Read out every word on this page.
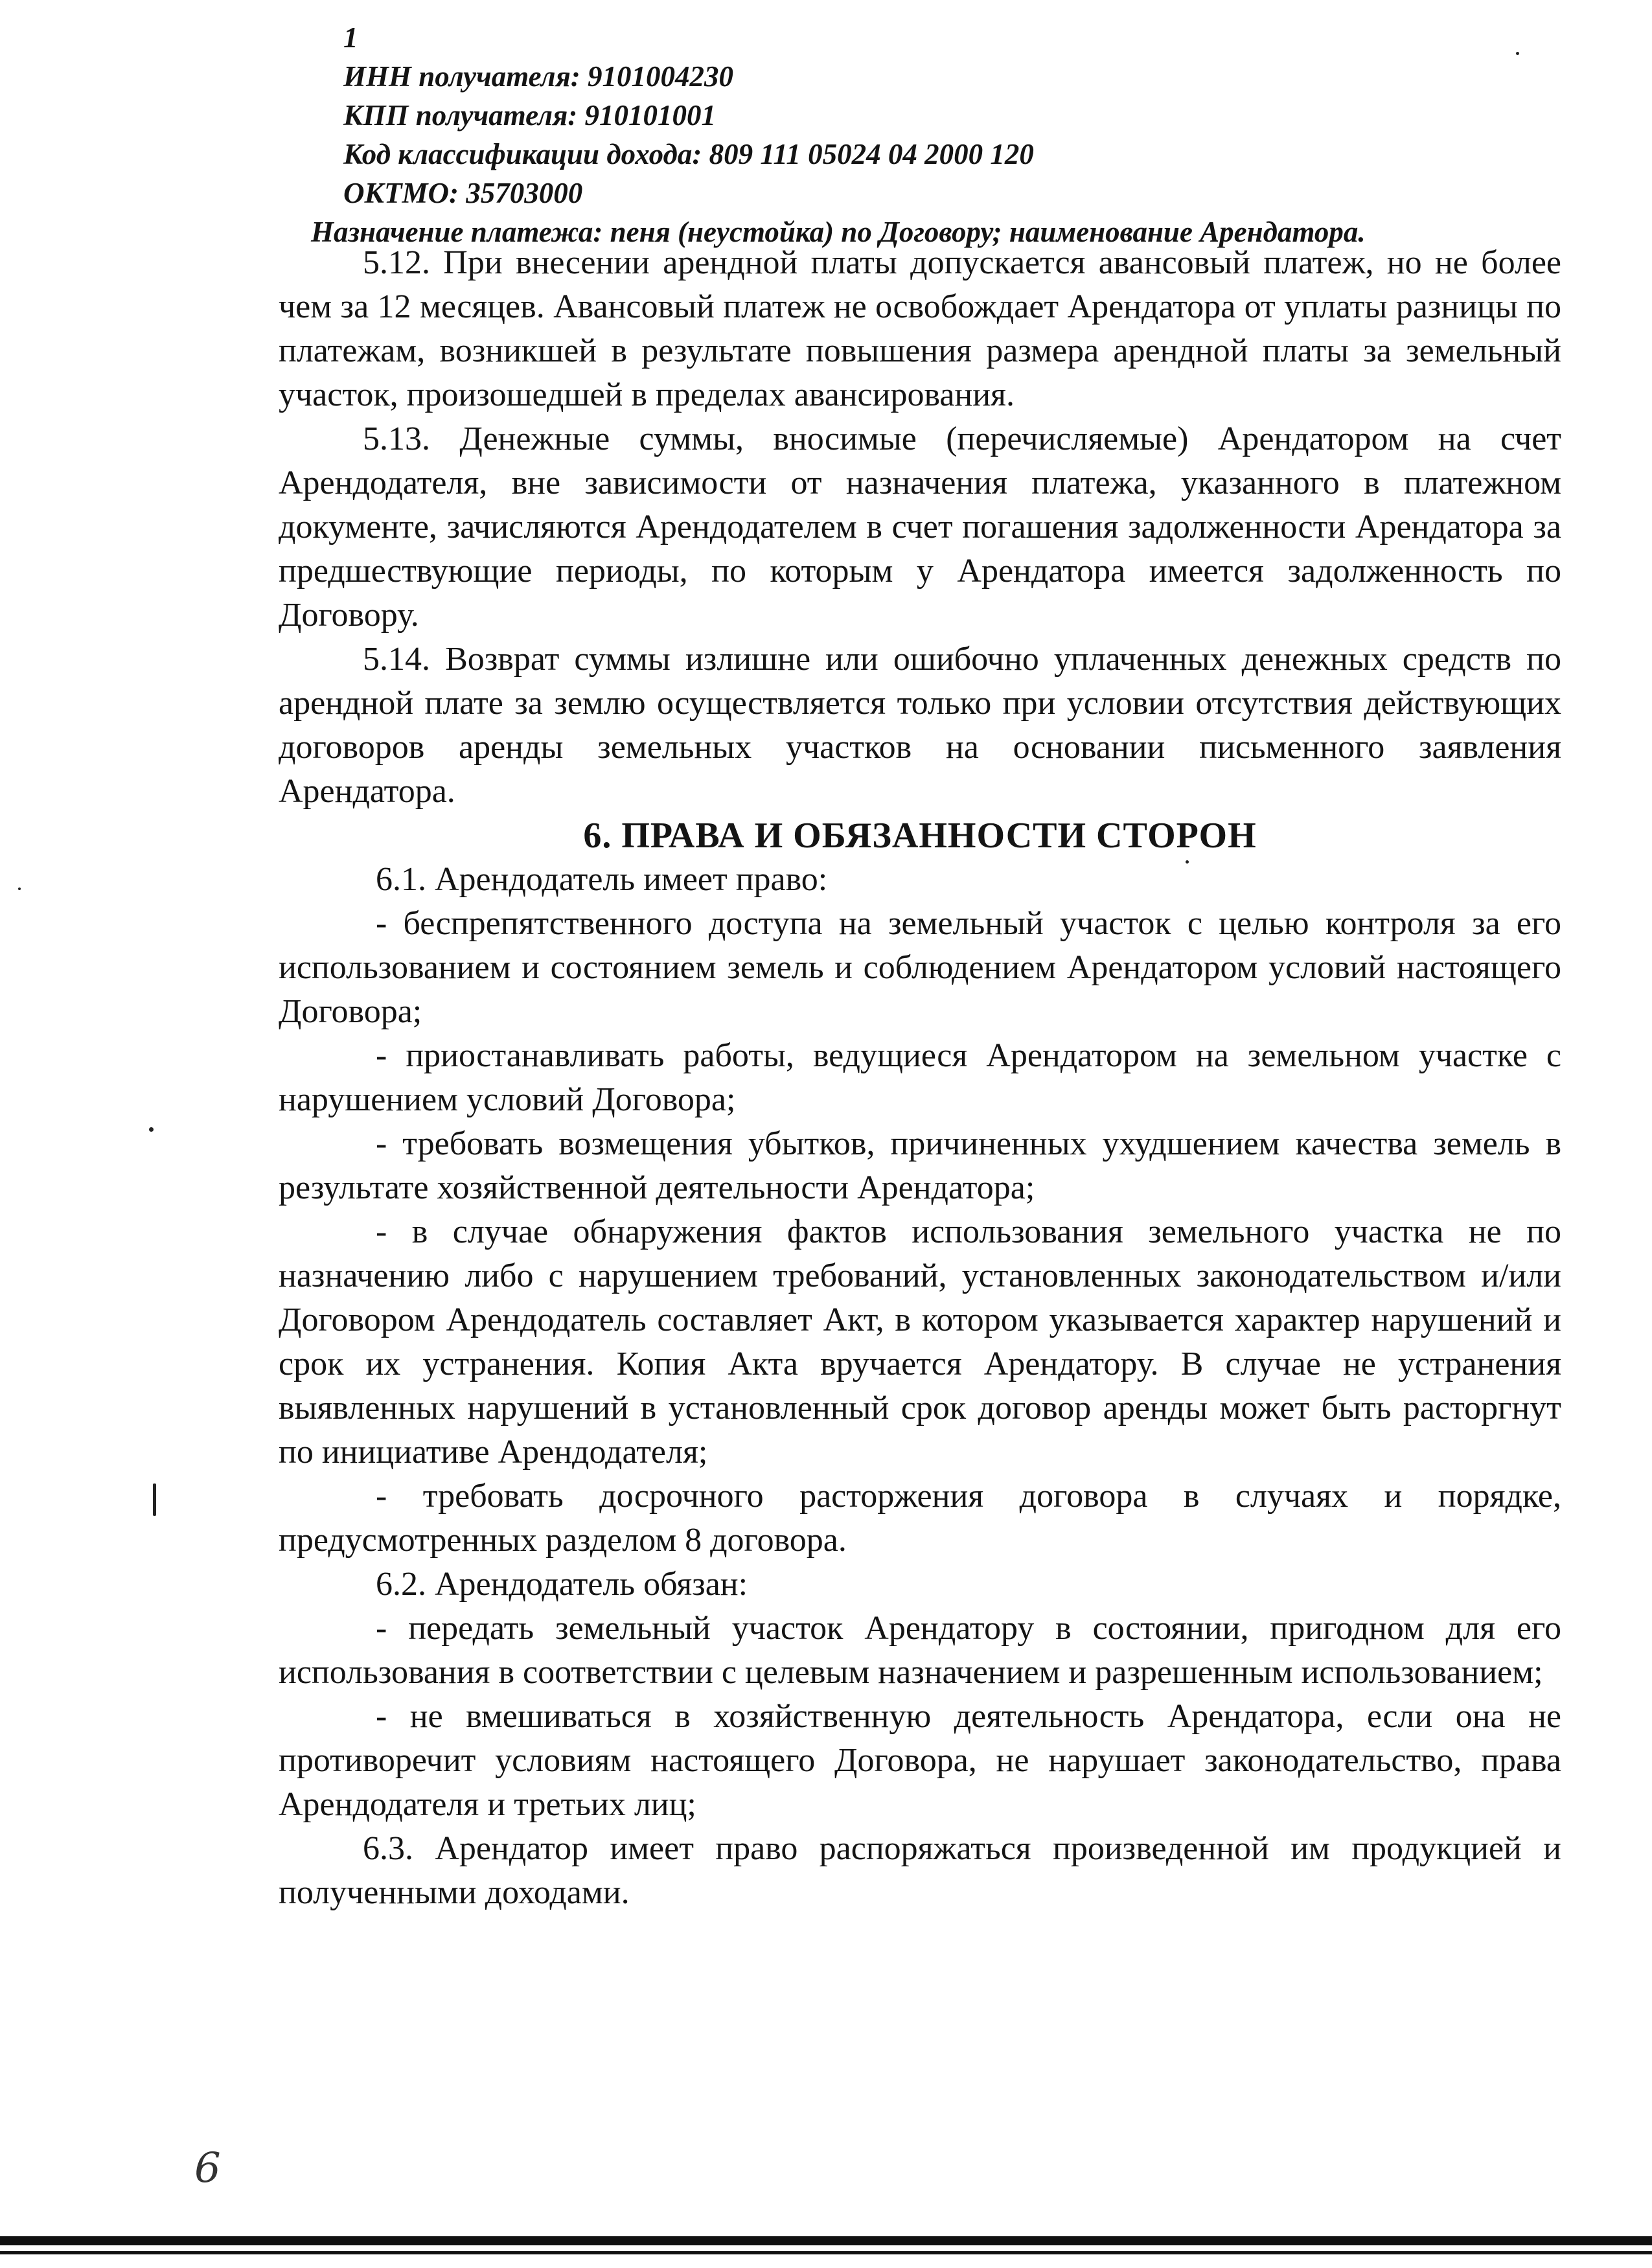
1
ИНН получателя: 9101004230
КПП получателя: 910101001
Код классификации дохода: 809 111 05024 04 2000 120
ОКТМО: 35703000
Назначение платежа: пеня (неустойка) по Договору; наименование Арендатора.

5.12. При внесении арендной платы допускается авансовый платеж, но не более чем за 12 месяцев. Авансовый платеж не освобождает Арендатора от уплаты разницы по платежам, возникшей в результате повышения размера арендной платы за земельный участок, произошедшей в пределах авансирования.

5.13. Денежные суммы, вносимые (перечисляемые) Арендатором на счет Арендодателя, вне зависимости от назначения платежа, указанного в платежном документе, зачисляются Арендодателем в счет погашения задолженности Арендатора за предшествующие периоды, по которым у Арендатора имеется задолженность по Договору.

5.14. Возврат суммы излишне или ошибочно уплаченных денежных средств по арендной плате за землю осуществляется только при условии отсутствия действующих договоров аренды земельных участков на основании письменного заявления Арендатора.

6. ПРАВА И ОБЯЗАННОСТИ СТОРОН

6.1. Арендодатель имеет право:

- беспрепятственного доступа на земельный участок с целью контроля за его использованием и состоянием земель и соблюдением Арендатором условий настоящего Договора;

- приостанавливать работы, ведущиеся Арендатором на земельном участке с нарушением условий Договора;

- требовать возмещения убытков, причиненных ухудшением качества земель в результате хозяйственной деятельности Арендатора;

- в случае обнаружения фактов использования земельного участка не по назначению либо с нарушением требований, установленных законодательством и/или Договором Арендодатель составляет Акт, в котором указывается характер нарушений и срок их устранения. Копия Акта вручается Арендатору. В случае не устранения выявленных нарушений в установленный срок договор аренды может быть расторгнут по инициативе Арендодателя;

- требовать досрочного расторжения договора в случаях и порядке, предусмотренных разделом 8 договора.

6.2. Арендодатель обязан:

- передать земельный участок Арендатору в состоянии, пригодном для его использования в соответствии с целевым назначением и разрешенным использованием;

- не вмешиваться в хозяйственную деятельность Арендатора, если она не противоречит условиям настоящего Договора, не нарушает законодательство, права Арендодателя и третьих лиц;

6.3. Арендатор имеет право распоряжаться произведенной им продукцией и полученными доходами.

6
